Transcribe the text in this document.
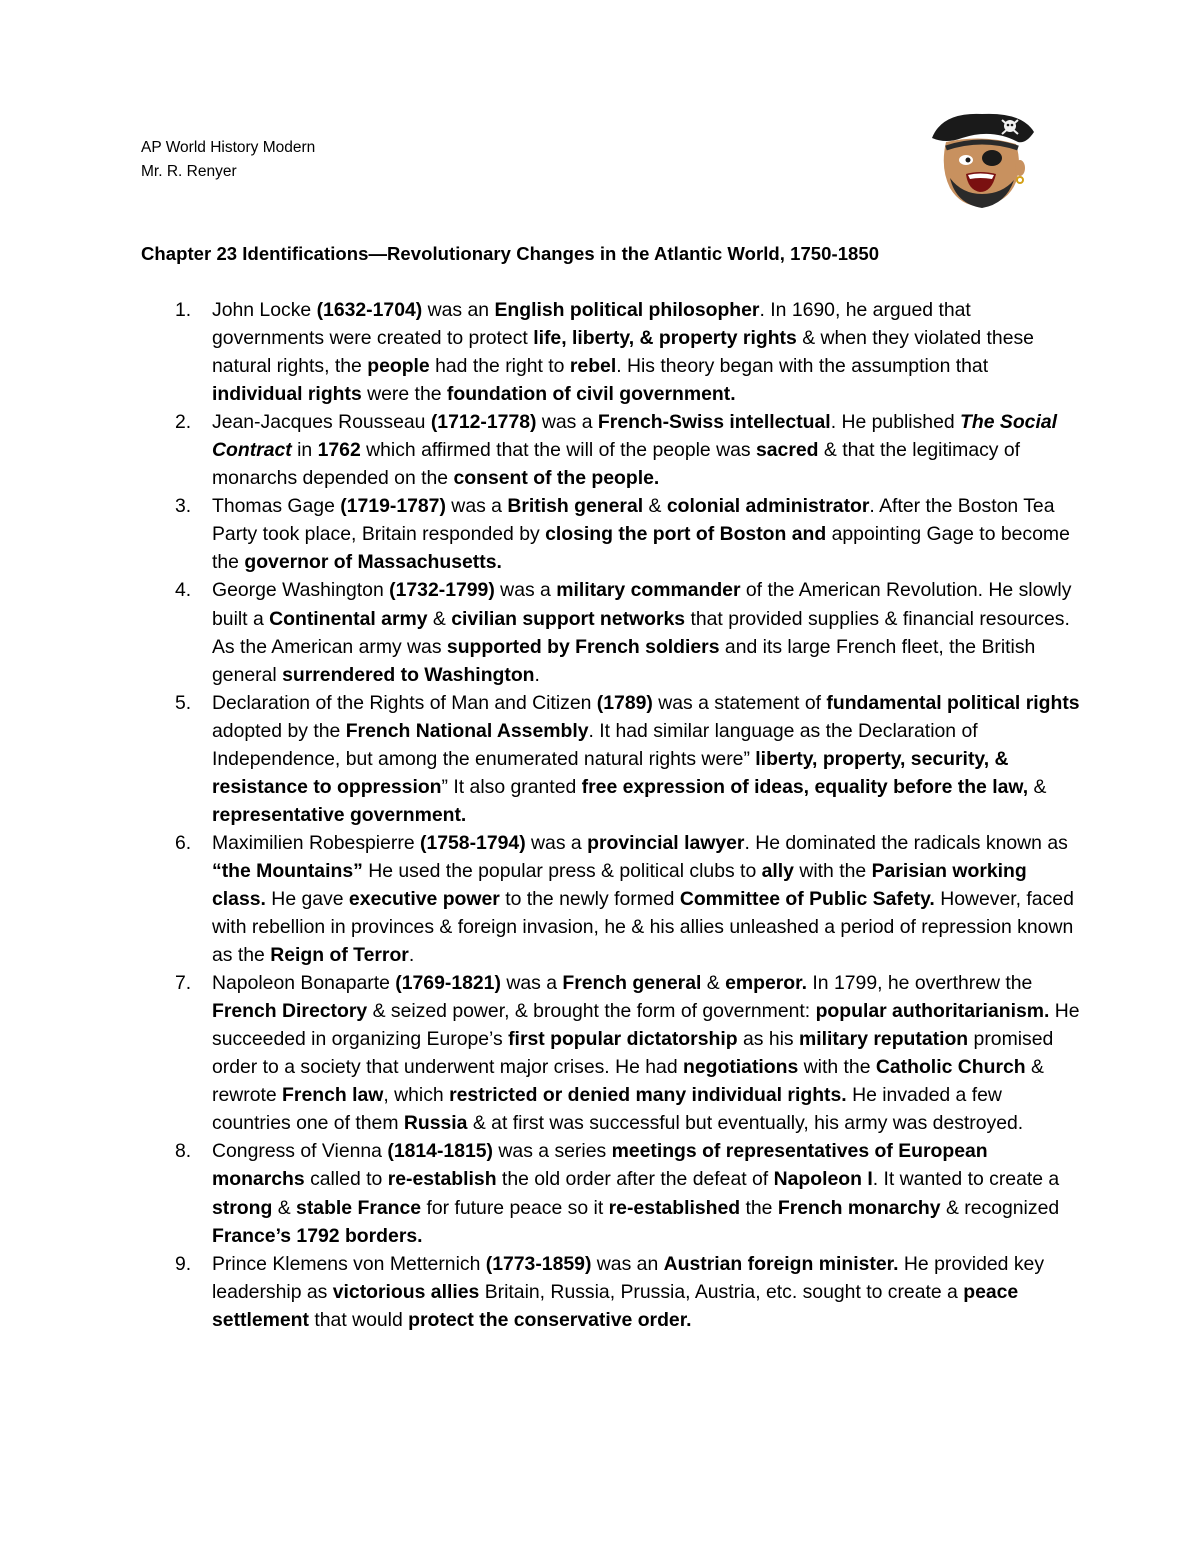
AP World History Modern
Mr. R. Renyer
Chapter 23 Identifications—Revolutionary Changes in the Atlantic World, 1750-1850
1. John Locke (1632-1704) was an English political philosopher. In 1690, he argued that governments were created to protect life, liberty, & property rights & when they violated these natural rights, the people had the right to rebel. His theory began with the assumption that individual rights were the foundation of civil government.
2. Jean-Jacques Rousseau (1712-1778) was a French-Swiss intellectual. He published The Social Contract in 1762 which affirmed that the will of the people was sacred & that the legitimacy of monarchs depended on the consent of the people.
3. Thomas Gage (1719-1787) was a British general & colonial administrator. After the Boston Tea Party took place, Britain responded by closing the port of Boston and appointing Gage to become the governor of Massachusetts.
4. George Washington (1732-1799) was a military commander of the American Revolution. He slowly built a Continental army & civilian support networks that provided supplies & financial resources. As the American army was supported by French soldiers and its large French fleet, the British general surrendered to Washington.
5. Declaration of the Rights of Man and Citizen (1789) was a statement of fundamental political rights adopted by the French National Assembly. It had similar language as the Declaration of Independence, but among the enumerated natural rights were” liberty, property, security, & resistance to oppression” It also granted free expression of ideas, equality before the law, & representative government.
6. Maximilien Robespierre (1758-1794) was a provincial lawyer. He dominated the radicals known as “the Mountains” He used the popular press & political clubs to ally with the Parisian working class. He gave executive power to the newly formed Committee of Public Safety. However, faced with rebellion in provinces & foreign invasion, he & his allies unleashed a period of repression known as the Reign of Terror.
7. Napoleon Bonaparte (1769-1821) was a French general & emperor. In 1799, he overthrew the French Directory & seized power, & brought the form of government: popular authoritarianism. He succeeded in organizing Europe’s first popular dictatorship as his military reputation promised order to a society that underwent major crises. He had negotiations with the Catholic Church & rewrote French law, which restricted or denied many individual rights. He invaded a few countries one of them Russia & at first was successful but eventually, his army was destroyed.
8. Congress of Vienna (1814-1815) was a series meetings of representatives of European monarchs called to re-establish the old order after the defeat of Napoleon I. It wanted to create a strong & stable France for future peace so it re-established the French monarchy & recognized France’s 1792 borders.
9. Prince Klemens von Metternich (1773-1859) was an Austrian foreign minister. He provided key leadership as victorious allies Britain, Russia, Prussia, Austria, etc. sought to create a peace settlement that would protect the conservative order.
